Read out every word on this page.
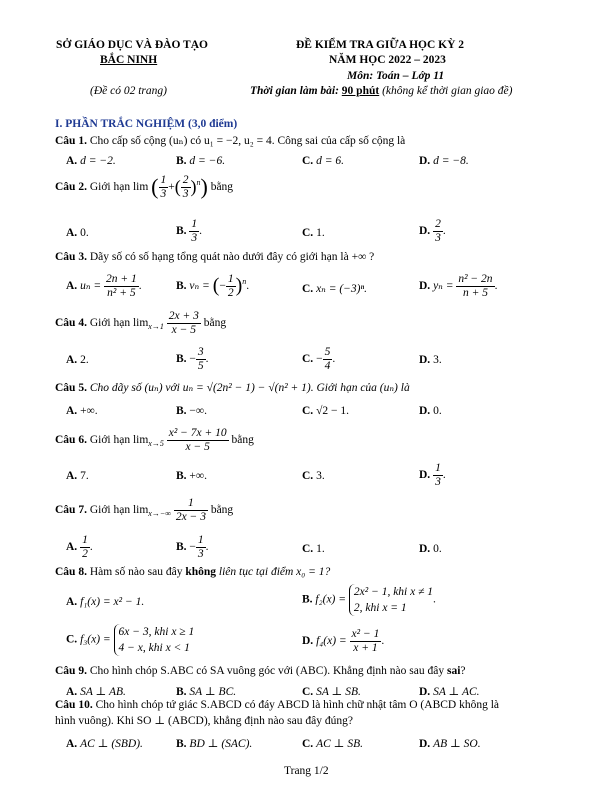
SỞ GIÁO DỤC VÀ ĐÀO TẠO
BẮC NINH
(Đề có 02 trang)
ĐỀ KIỂM TRA GIỮA HỌC KỲ 2
NĂM HỌC 2022 – 2023
Môn: Toán – Lớp 11
Thời gian làm bài: 90 phút (không kể thời gian giao đề)
I. PHẦN TRẮC NGHIỆM (3,0 điểm)
Câu 1. Cho cấp số cộng (uₙ) có u₁ = −2, u₂ = 4. Công sai của cấp số cộng là
A. d = −2.	B. d = −6.	C. d = 6.	D. d = −8.
Câu 2. Giới hạn lim ( $\frac{1}{3}$ +( $\frac{2}{3} )^n$) bằng
A. 0.	B. $\frac{1}{3}$ .	C. 1.	D. $\frac{2}{3}$ .
Câu 3. Dãy số có số hạng tổng quát nào dưới đây có giới hạn là +∞ ?
A. $u_n = \frac{2n + 1}{\text{n² + 5}}$ .	B. vₙ = (− $\frac{1}{2} )^n$.	C. xₙ = (−3)ⁿ.	D. $y_n = \frac{\text{n² − 2n}}{n + 5}$ .
Câu 4. Giới hạn $\lim_{x\to 1} \frac{2x + 3}{x - 5}$ bằng
A. 2.	B. − $\frac{3}{5}$ .	C. − $\frac{5}{4}$ .	D. 3.
Câu 5. Cho dãy số (uₙ) với uₙ = √(2n² − 1) − √(n² + 1). Giới hạn của (uₙ) là
A. +∞.	B. −∞.	C. √2 − 1.	D. 0.
Câu 6. Giới hạn $\lim_{x\to 5} \frac{\text{x² − 7x + 10}}{x - 5}$ bằng
A. 7.	B. +∞.	C. 3.	D. $\frac{1}{3}$ .
Câu 7. Giới hạn $\lim_{x\to-\infty} \frac{1}{2x - 3}$ bằng
A. $\frac{1}{2}$ .	B. − $\frac{1}{3}$ .	C. 1.	D. 0.
Câu 8. Hàm số nào sau đây không liên tục tại điểm x₀ = 1?
A. f₁(x) = x² − 1.	B. f₂(x) = 2x² − 1, khi x ≠ 1
2, khi x = 1.
C. f₃(x) = 6x − 3, khi x ≥ 1
4 − x, khi x < 1
D. $f_4(x) = \frac{\text{x² − 1}}{x + 1}$ .
Câu 9. Cho hình chóp S.ABC có SA vuông góc với (ABC). Khẳng định nào sau đây sai?
A. SA ⊥ AB.	B. SA ⊥ BC.	C. SA ⊥ SB.	D. SA ⊥ AC.
Câu 10. Cho hình chóp tứ giác S.ABCD có đáy ABCD là hình chữ nhật tâm O (ABCD không là
hình vuông). Khi SO ⊥ (ABCD), khẳng định nào sau đây đúng?
A. AC ⊥ (SBD).	B. BD ⊥ (SAC).	C. AC ⊥ SB.	D. AB ⊥ SO.
Trang 1/2
